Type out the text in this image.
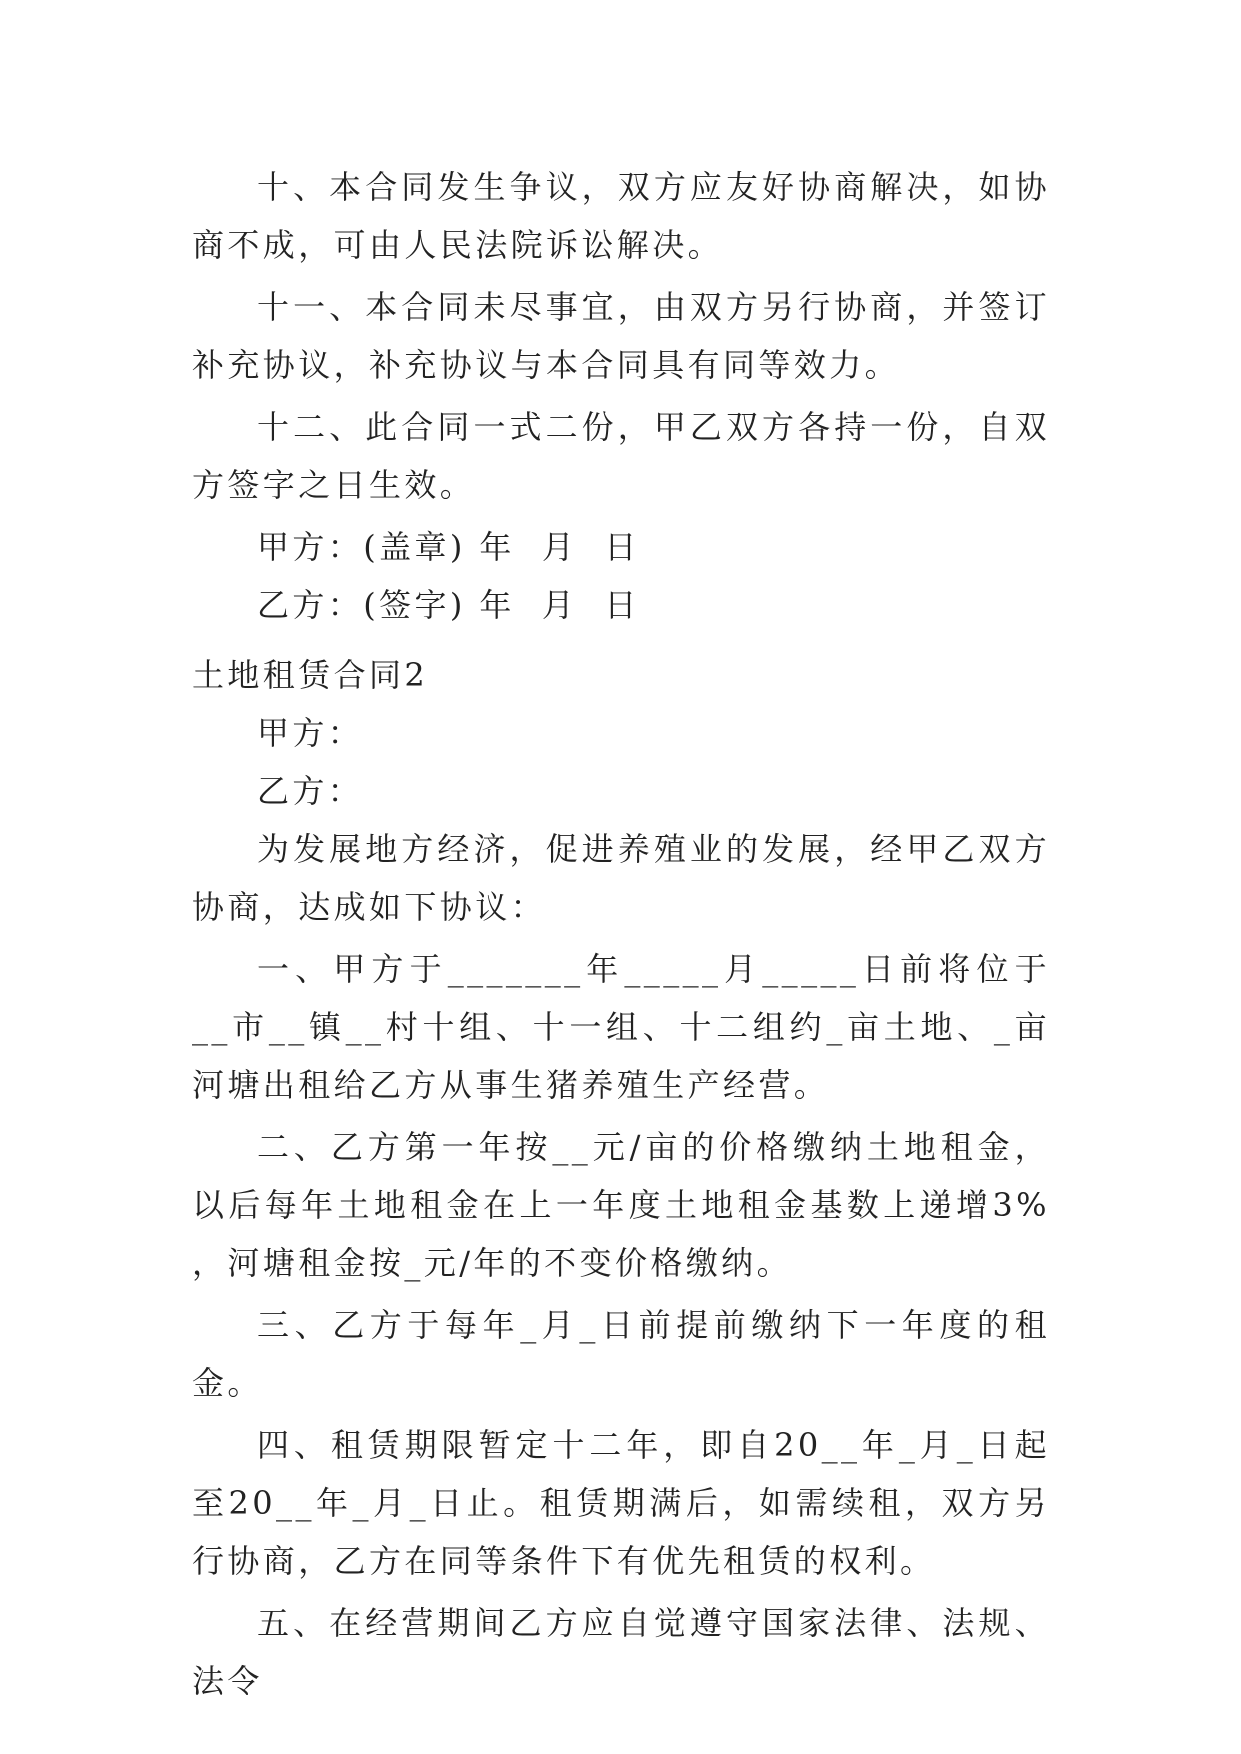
十、本合同发生争议，双方应友好协商解决，如协商不成，可由人民法院诉讼解决。

十一、本合同未尽事宜，由双方另行协商，并签订补充协议，补充协议与本合同具有同等效力。

十二、此合同一式二份，甲乙双方各持一份，自双方签字之日生效。

甲方：(盖章) 年  月  日

乙方：(签字) 年  月  日

土地租赁合同2

甲方：

乙方：

为发展地方经济，促进养殖业的发展，经甲乙双方协商，达成如下协议：

一、甲方于_______年_____月_____日前将位于__市__镇__村十组、十一组、十二组约_亩土地、_亩河塘出租给乙方从事生猪养殖生产经营。

二、乙方第一年按__元/亩的价格缴纳土地租金，以后每年土地租金在上一年度土地租金基数上递增3% ，河塘租金按_元/年的不变价格缴纳。

三、乙方于每年_月_日前提前缴纳下一年度的租金。

四、租赁期限暂定十二年，即自20__年_月_日起至20__年_月_日止。租赁期满后，如需续租，双方另行协商，乙方在同等条件下有优先租赁的权利。

五、在经营期间乙方应自觉遵守国家法律、法规、法令
